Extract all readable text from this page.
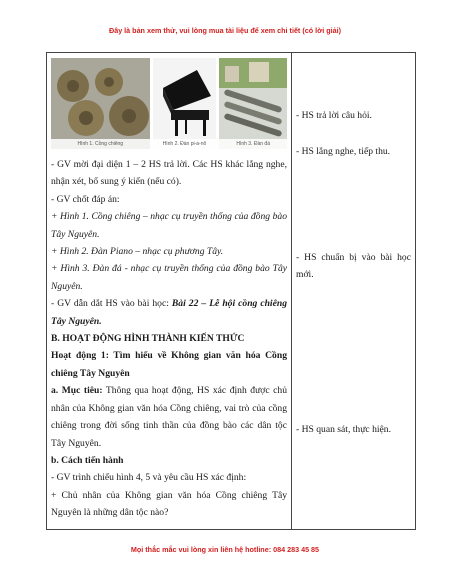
Đây là bản xem thử, vui lòng mua tài liệu để xem chi tiết (có lời giải)
Hình 1. Cồng chiêng	Hình 2. Đàn pi-a-nô	Hình 3. Đàn đá

- GV mời đại diện 1 – 2 HS trả lời. Các HS khác lắng nghe, nhận xét, bổ sung ý kiến (nếu có).

- GV chốt đáp án:

+ Hình 1. Cồng chiêng – nhạc cụ truyền thống của đồng bào Tây Nguyên.

+ Hình 2. Đàn Piano – nhạc cụ phương Tây.

+ Hình 3. Đàn đá - nhạc cụ truyền thống của đồng bào Tây Nguyên.

- GV dẫn dắt HS vào bài học: Bài 22 – Lễ hội cồng chiêng Tây Nguyên.

B. HOẠT ĐỘNG HÌNH THÀNH KIẾN THỨC

Hoạt động 1: Tìm hiểu về Không gian văn hóa Cồng chiêng Tây Nguyên

a. Mục tiêu: Thông qua hoạt động, HS xác định được chủ nhân của Không gian văn hóa Cồng chiêng, vai trò của cồng chiêng trong đời sống tinh thần của đồng bào các dân tộc Tây Nguyên.

b. Cách tiến hành

- GV trình chiếu hình 4, 5 và yêu cầu HS xác định:

+ Chủ nhân của Không gian văn hóa Cồng chiêng Tây Nguyên là những dân tộc nào?

- HS trả lời câu hỏi.

- HS lắng nghe, tiếp thu.

- HS chuẩn bị vào bài học mới.

- HS quan sát, thực hiện.

Mọi thắc mắc vui lòng xin liên hệ hotline: 084 283 45 85
